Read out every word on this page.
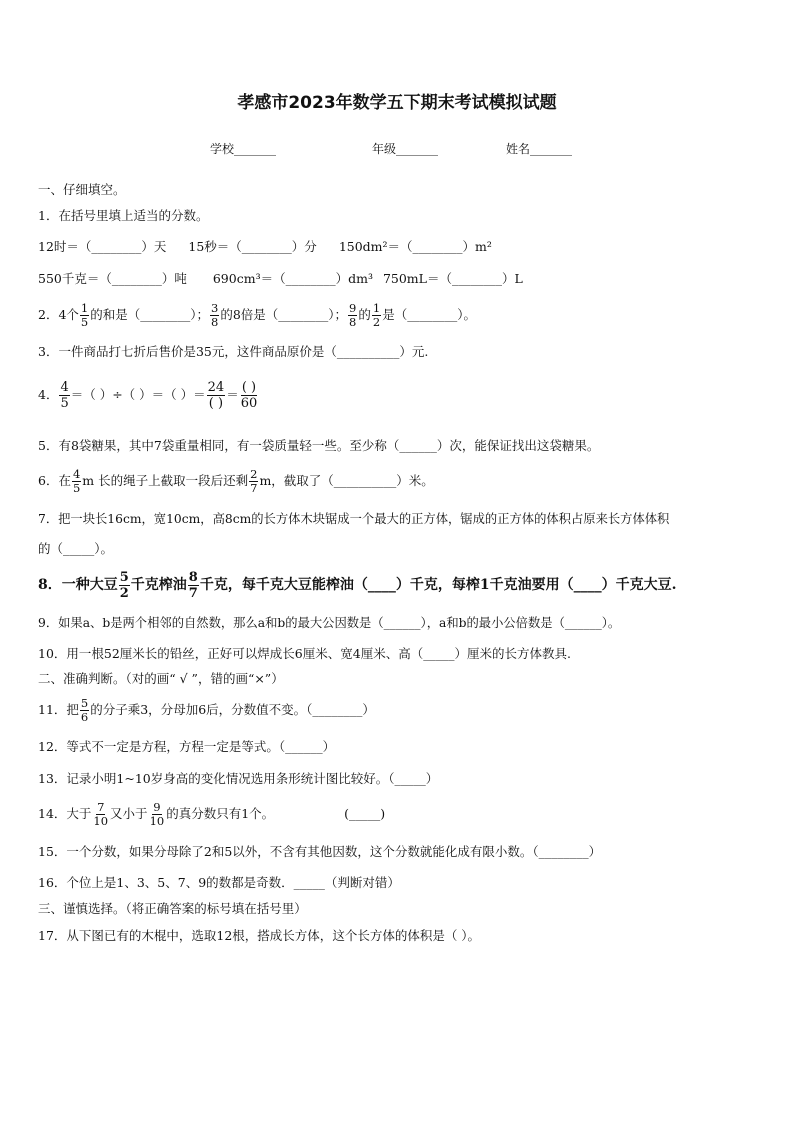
孝感市2023年数学五下期末考试模拟试题
学校_______	年级_______	姓名_______
一、仔细填空。
1．在括号里填上适当的分数。
12时＝（________）天 15秒＝（________）分 150dm²＝（________）m²
550千克＝（________）吨 690cm³＝（________）dm³ 750mL＝（________）L
2．4个 $\frac{1}{5}$ 的和是（________）； $\frac{3}{8}$ 的8倍是（________）； $\frac{9}{8}$ 的 $\frac{1}{2}$ 是（________）。
3．一件商品打七折后售价是35元，这件商品原价是（__________）元.
4． $\frac{4}{5}$ ＝（ ）÷（ ）＝（ ）＝ $\frac{24}{( )} = \frac{( )}{60}$
5．有8袋糖果，其中7袋重量相同，有一袋质量轻一些。至少称（______）次，能保证找出这袋糖果。
6．在 $\frac{4}{5}$ m 长的绳子上截取一段后还剩 $\frac{2}{7}$ m，截取了（__________）米。
7．把一块长16cm，宽10cm，高8cm的长方体木块锯成一个最大的正方体，锯成的正方体的体积占原来长方体体积
的（_____）。
8．一种大豆 $\frac{5}{2}$ 千克榨油 $\frac{8}{7}$ 千克，每千克大豆能榨油（____）千克，每榨1千克油要用（____）千克大豆.
9．如果a、b是两个相邻的自然数，那么a和b的最大公因数是（______），a和b的最小公倍数是（______）。
10．用一根52厘米长的铅丝，正好可以焊成长6厘米、宽4厘米、高（_____）厘米的长方体教具.
二、准确判断。（对的画“ √ ”，错的画“×”）
11．把 $\frac{5}{6}$ 的分子乘3，分母加6后，分数值不变。（________）
12．等式不一定是方程，方程一定是等式。（______）
13．记录小明1~10岁身高的变化情况选用条形统计图比较好。（_____）
14．大于 $\frac{7}{10}$ 又小于 $\frac{9}{10}$ 的真分数只有1个。	(_____)
15．一个分数，如果分母除了2和5以外，不含有其他因数，这个分数就能化成有限小数。（________）
16．个位上是1、3、5、7、9的数都是奇数．_____（判断对错）
三、谨慎选择。（将正确答案的标号填在括号里）
17．从下图已有的木棍中，选取12根，搭成长方体，这个长方体的体积是（ ）。
